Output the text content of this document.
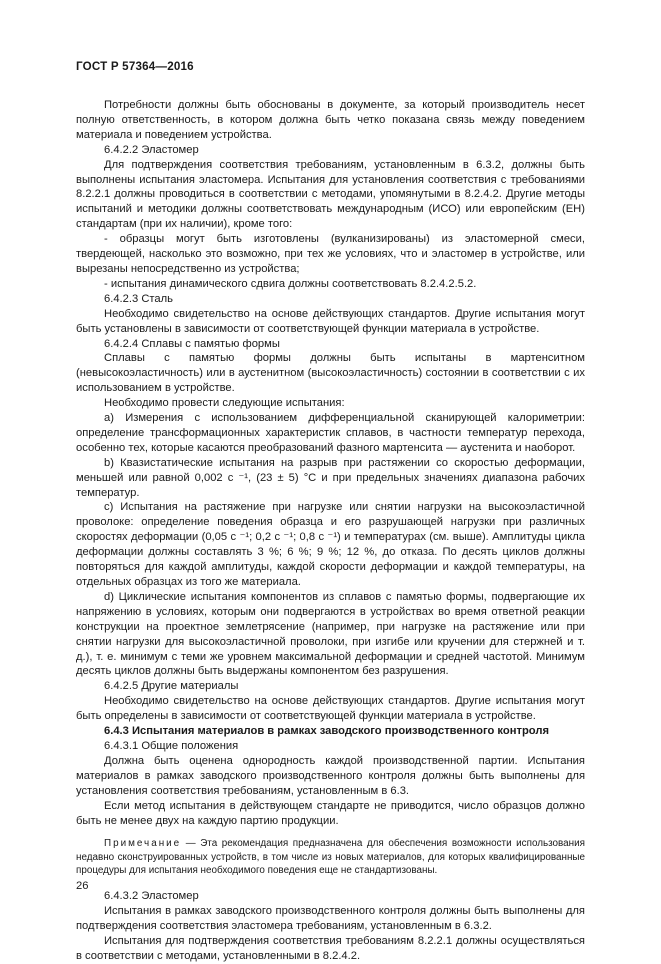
ГОСТ Р 57364—2016

Потребности должны быть обоснованы в документе, за который производитель несет полную ответственность, в котором должна быть четко показана связь между поведением материала и поведением устройства.

6.4.2.2 Эластомер

Для подтверждения соответствия требованиям, установленным в 6.3.2, должны быть выполнены испытания эластомера. Испытания для установления соответствия с требованиями 8.2.2.1 должны проводиться в соответствии с методами, упомянутыми в 8.2.4.2. Другие методы испытаний и методики должны соответствовать международным (ИСО) или европейским (ЕН) стандартам (при их наличии), кроме того:

- образцы могут быть изготовлены (вулканизированы) из эластомерной смеси, твердеющей, насколько это возможно, при тех же условиях, что и эластомер в устройстве, или вырезаны непосредственно из устройства;

- испытания динамического сдвига должны соответствовать 8.2.4.2.5.2.

6.4.2.3 Сталь

Необходимо свидетельство на основе действующих стандартов. Другие испытания могут быть установлены в зависимости от соответствующей функции материала в устройстве.

6.4.2.4 Сплавы с памятью формы

Сплавы с памятью формы должны быть испытаны в мартенситном (невысокоэластичность) или в аустенитном (высокоэластичность) состоянии в соответствии с их использованием в устройстве.

Необходимо провести следующие испытания:

a) Измерения с использованием дифференциальной сканирующей калориметрии: определение трансформационных характеристик сплавов, в частности температур перехода, особенно тех, которые касаются преобразований фазного мартенсита — аустенита и наоборот.

b) Квазистатические испытания на разрыв при растяжении со скоростью деформации, меньшей или равной 0,002 с ⁻¹, (23 ± 5) °C и при предельных значениях диапазона рабочих температур.

c) Испытания на растяжение при нагрузке или снятии нагрузки на высокоэластичной проволоке: определение поведения образца и его разрушающей нагрузки при различных скоростях деформации (0,05 с ⁻¹; 0,2 с ⁻¹; 0,8 с ⁻¹) и температурах (см. выше). Амплитуды цикла деформации должны составлять 3 %; 6 %; 9 %; 12 %, до отказа. По десять циклов должны повторяться для каждой амплитуды, каждой скорости деформации и каждой температуры, на отдельных образцах из того же материала.

d) Циклические испытания компонентов из сплавов с памятью формы, подвергающие их напряжению в условиях, которым они подвергаются в устройствах во время ответной реакции конструкции на проектное землетрясение (например, при нагрузке на растяжение или при снятии нагрузки для высокоэластичной проволоки, при изгибе или кручении для стержней и т. д.), т. е. минимум с теми же уровнем максимальной деформации и средней частотой. Минимум десять циклов должны быть выдержаны компонентом без разрушения.

6.4.2.5 Другие материалы

Необходимо свидетельство на основе действующих стандартов. Другие испытания могут быть определены в зависимости от соответствующей функции материала в устройстве.

6.4.3 Испытания материалов в рамках заводского производственного контроля

6.4.3.1 Общие положения

Должна быть оценена однородность каждой производственной партии. Испытания материалов в рамках заводского производственного контроля должны быть выполнены для установления соответствия требованиям, установленным в 6.3.

Если метод испытания в действующем стандарте не приводится, число образцов должно быть не менее двух на каждую партию продукции.

Примечание — Эта рекомендация предназначена для обеспечения возможности использования недавно сконструированных устройств, в том числе из новых материалов, для которых квалифицированные процедуры для испытания необходимого поведения еще не стандартизованы.

6.4.3.2 Эластомер

Испытания в рамках заводского производственного контроля должны быть выполнены для подтверждения соответствия эластомера требованиям, установленным в 6.3.2.

Испытания для подтверждения соответствия требованиям 8.2.2.1 должны осуществляться в соответствии с методами, установленными в 8.2.4.2.

26
